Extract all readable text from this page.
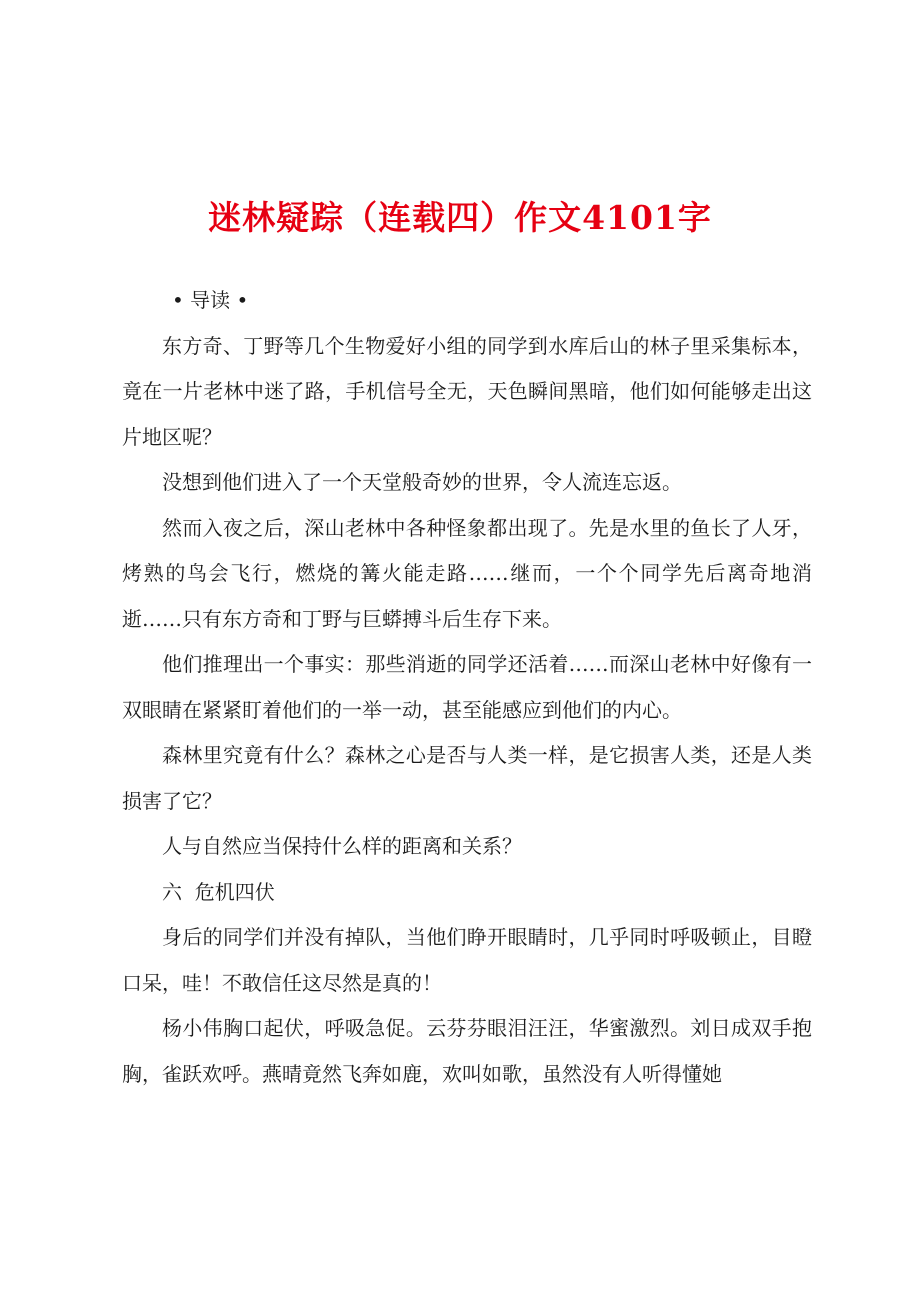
迷林疑踪（连载四）作文4101字

• 导读 •

东方奇、丁野等几个生物爱好小组的同学到水库后山的林子里采集标本，竟在一片老林中迷了路，手机信号全无，天色瞬间黑暗，他们如何能够走出这片地区呢？

没想到他们进入了一个天堂般奇妙的世界，令人流连忘返。

然而入夜之后，深山老林中各种怪象都出现了。先是水里的鱼长了人牙，烤熟的鸟会飞行，燃烧的篝火能走路……继而，一个个同学先后离奇地消逝……只有东方奇和丁野与巨蟒搏斗后生存下来。

他们推理出一个事实：那些消逝的同学还活着……而深山老林中好像有一双眼睛在紧紧盯着他们的一举一动，甚至能感应到他们的内心。

森林里究竟有什么？森林之心是否与人类一样，是它损害人类，还是人类损害了它？

人与自然应当保持什么样的距离和关系？

六  危机四伏

身后的同学们并没有掉队，当他们睁开眼睛时，几乎同时呼吸顿止，目瞪口呆，哇！不敢信任这尽然是真的！

杨小伟胸口起伏，呼吸急促。云芬芬眼泪汪汪，华蜜激烈。刘日成双手抱胸，雀跃欢呼。燕晴竟然飞奔如鹿，欢叫如歌，虽然没有人听得懂她
